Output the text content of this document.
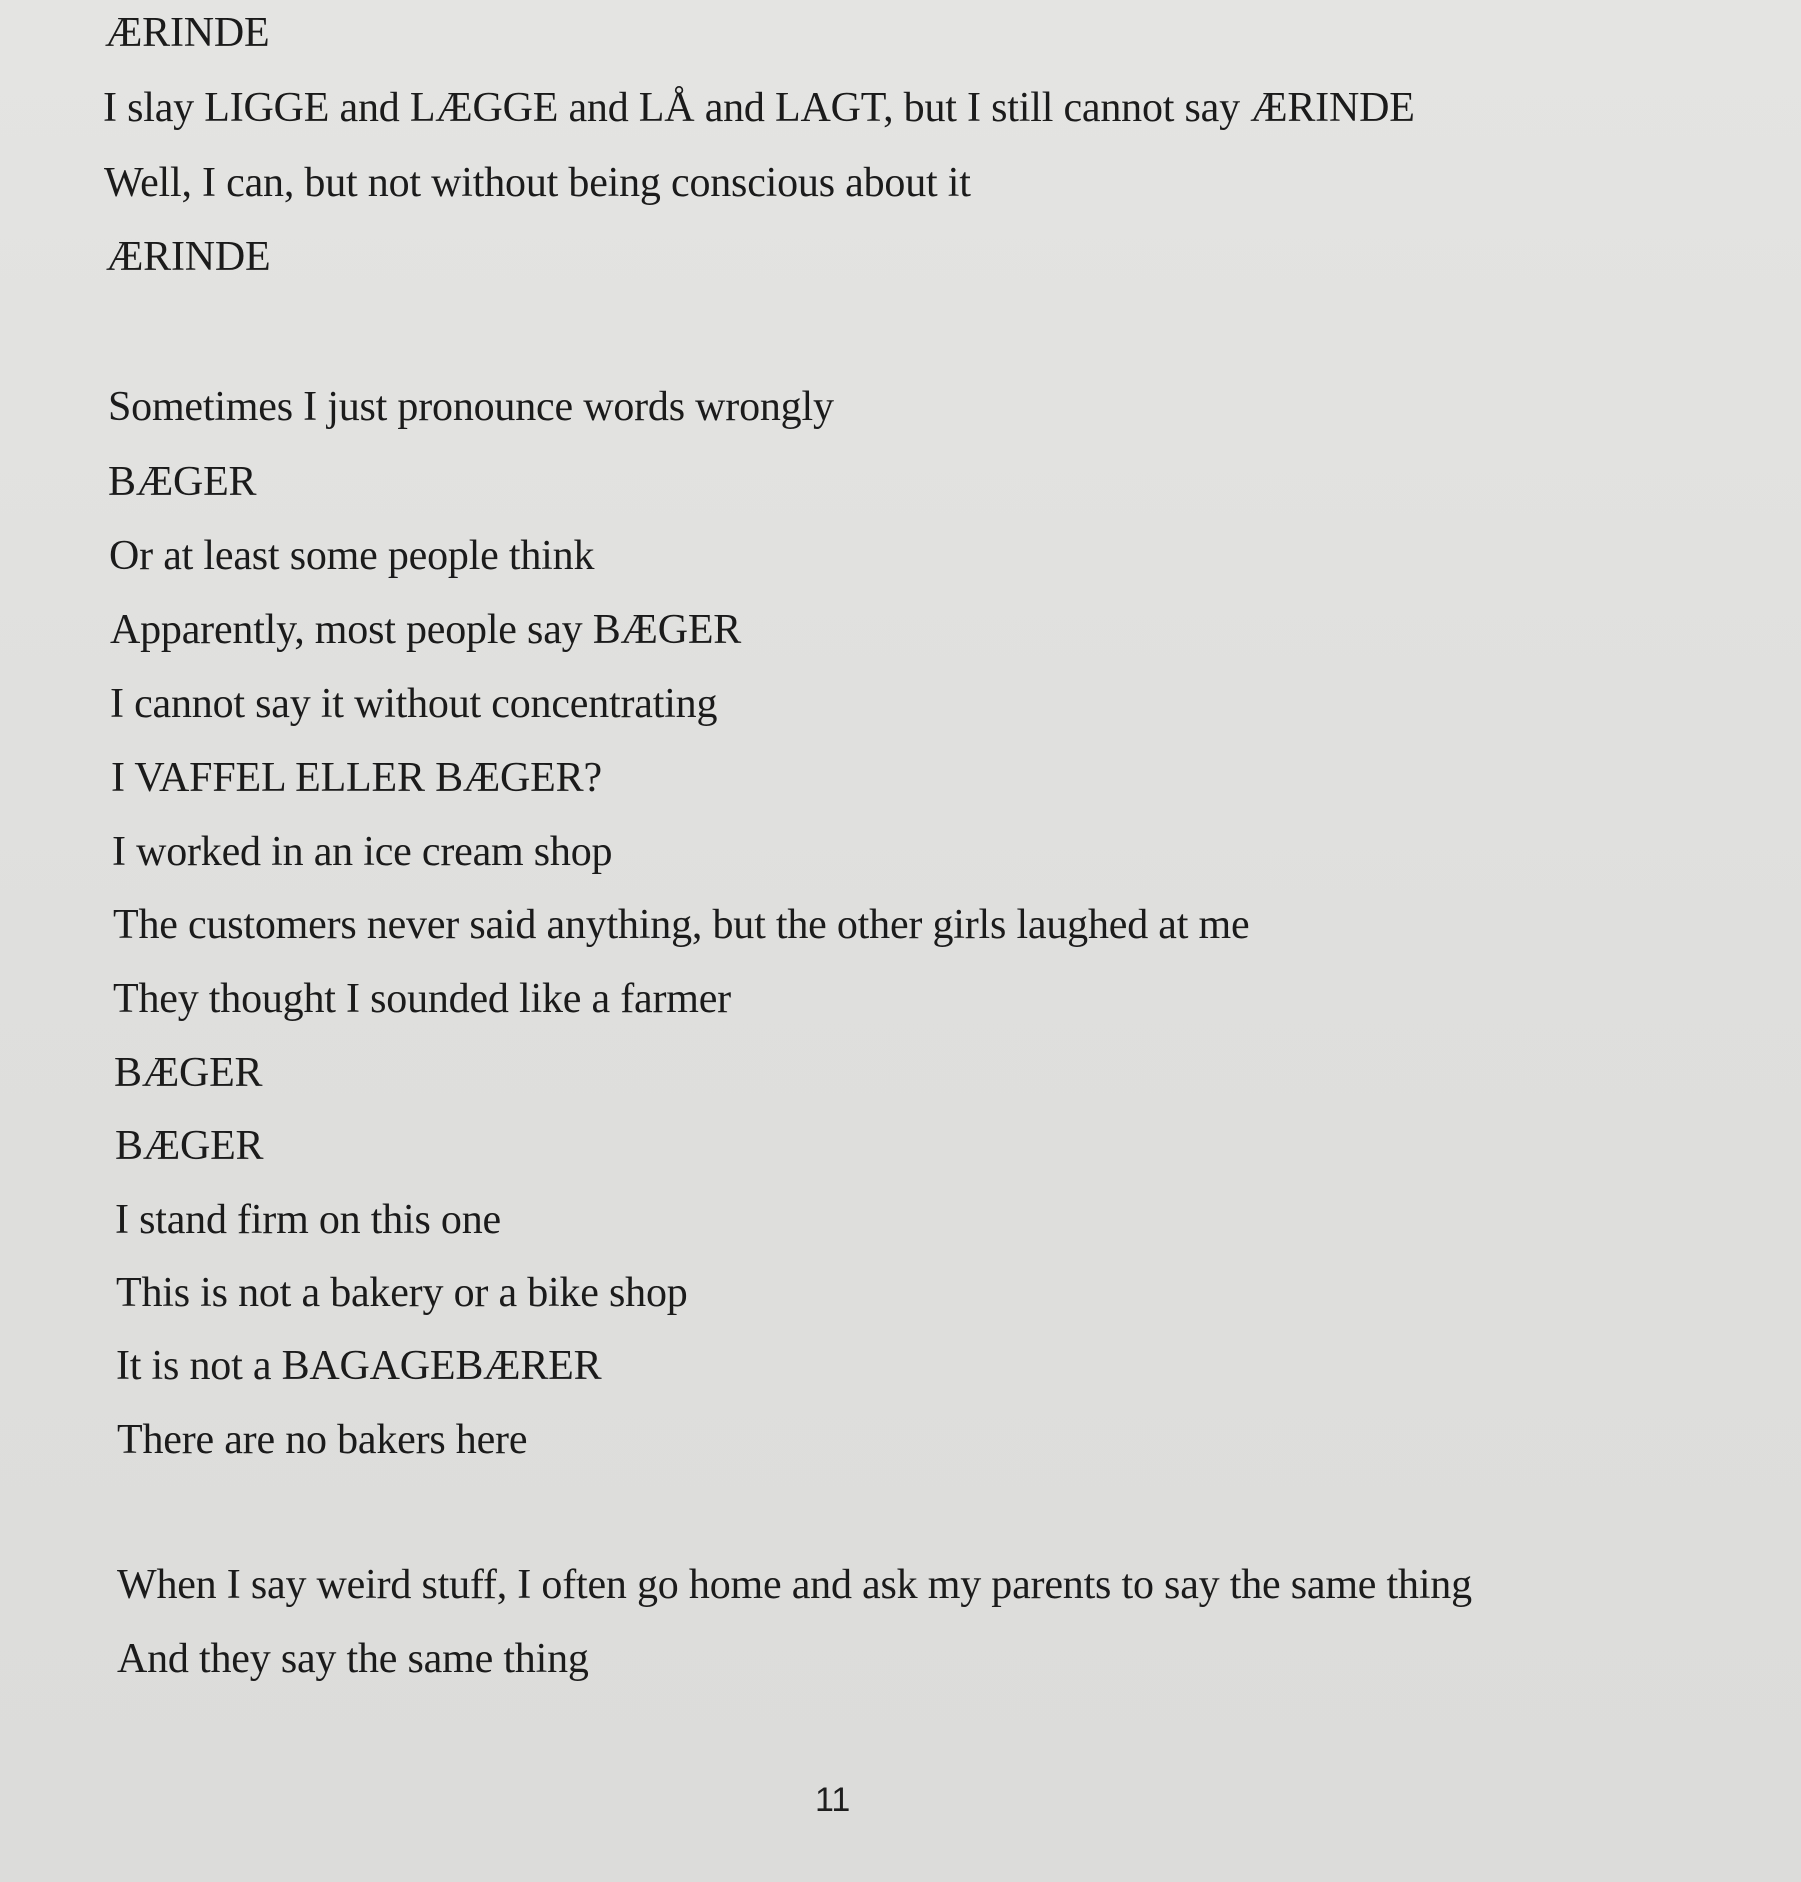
ÆRINDE
I slay LIGGE and LÆGGE and LÅ and LAGT, but I still cannot say ÆRINDE
Well, I can, but not without being conscious about it
ÆRINDE
Sometimes I just pronounce words wrongly
BÆGER
Or at least some people think
Apparently, most people say BÆGER
I cannot say it without concentrating
I VAFFEL ELLER BÆGER?
I worked in an ice cream shop
The customers never said anything, but the other girls laughed at me
They thought I sounded like a farmer
BÆGER
BÆGER
I stand firm on this one
This is not a bakery or a bike shop
It is not a BAGAGEBÆRER
There are no bakers here
When I say weird stuff, I often go home and ask my parents to say the same thing
And they say the same thing
11
